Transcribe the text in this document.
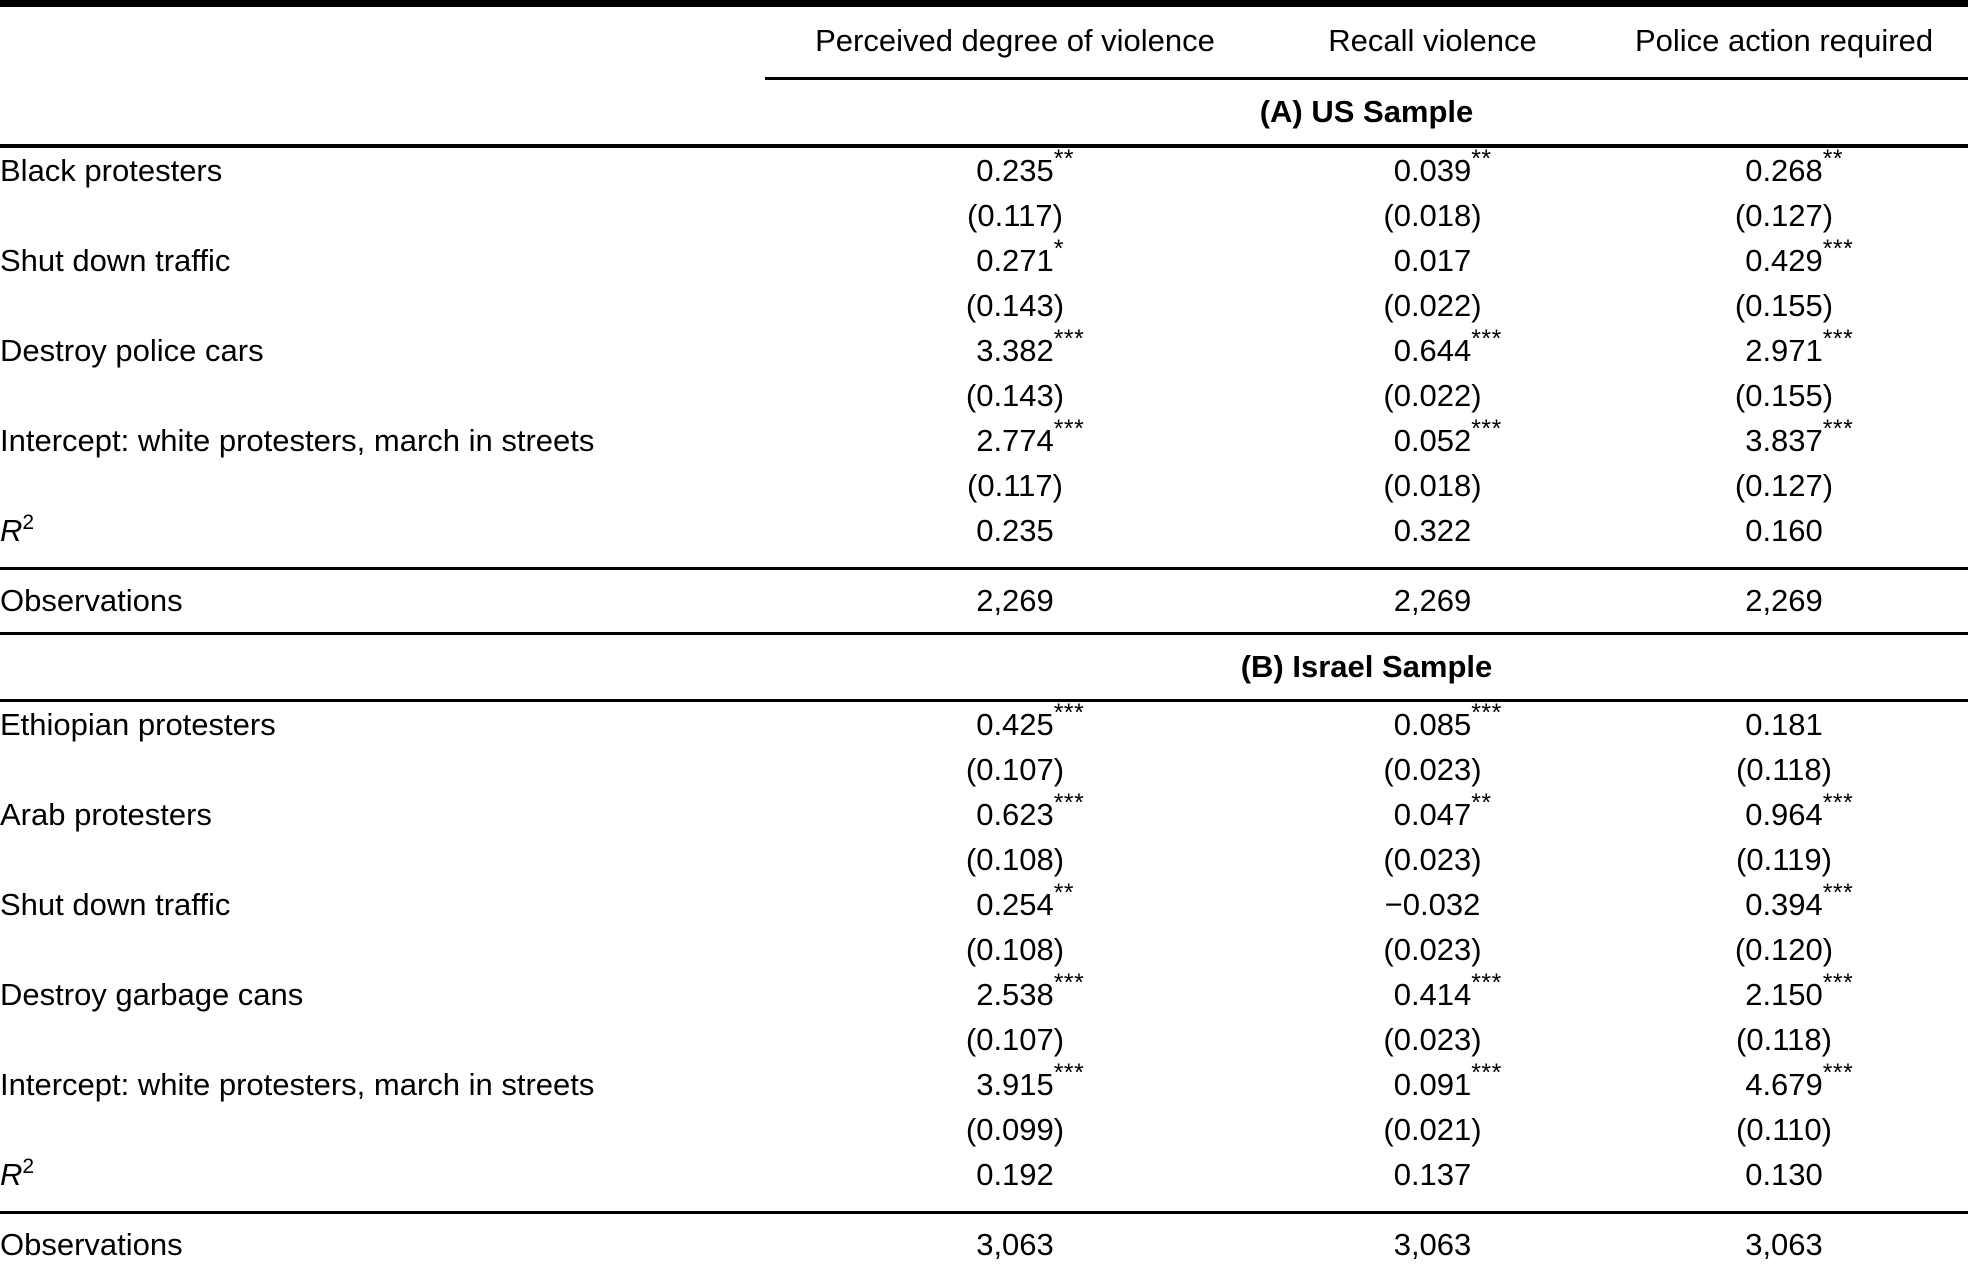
	Perceived degree of violence	Recall violence	Police action required
	(A) US Sample		
Black protesters	0.235 **	0.039 **	0.268 **

	(0.117)	(0.018)	(0.127)
Shut down traffic	0.271 *	0.017	0.429 ***

	(0.143)	(0.022)	(0.155)
Destroy police cars	3.382 ***	0.644 ***	2.971 ***

	(0.143)	(0.022)	(0.155)
Intercept: white protesters, march in streets	2.774 ***	0.052 ***	3.837 ***

	(0.117)	(0.018)	(0.127)
$R^2$	0.235	0.322	0.160
Observations	2,269	2,269	2,269
	(B) Israel Sample		
Ethiopian protesters	0.425 ***	0.085 ***	0.181

	(0.107)	(0.023)	(0.118)
Arab protesters	0.623 ***	0.047 **	0.964 ***

	(0.108)	(0.023)	(0.119)
Shut down traffic	0.254 **	−0.032	0.394 ***

	(0.108)	(0.023)	(0.120)
Destroy garbage cans	2.538 ***	0.414 ***	2.150 ***

	(0.107)	(0.023)	(0.118)
Intercept: white protesters, march in streets	3.915 ***	0.091 ***	4.679 ***

	(0.099)	(0.021)	(0.110)
$R^2$	0.192	0.137	0.130
Observations	3,063	3,063	3,063
